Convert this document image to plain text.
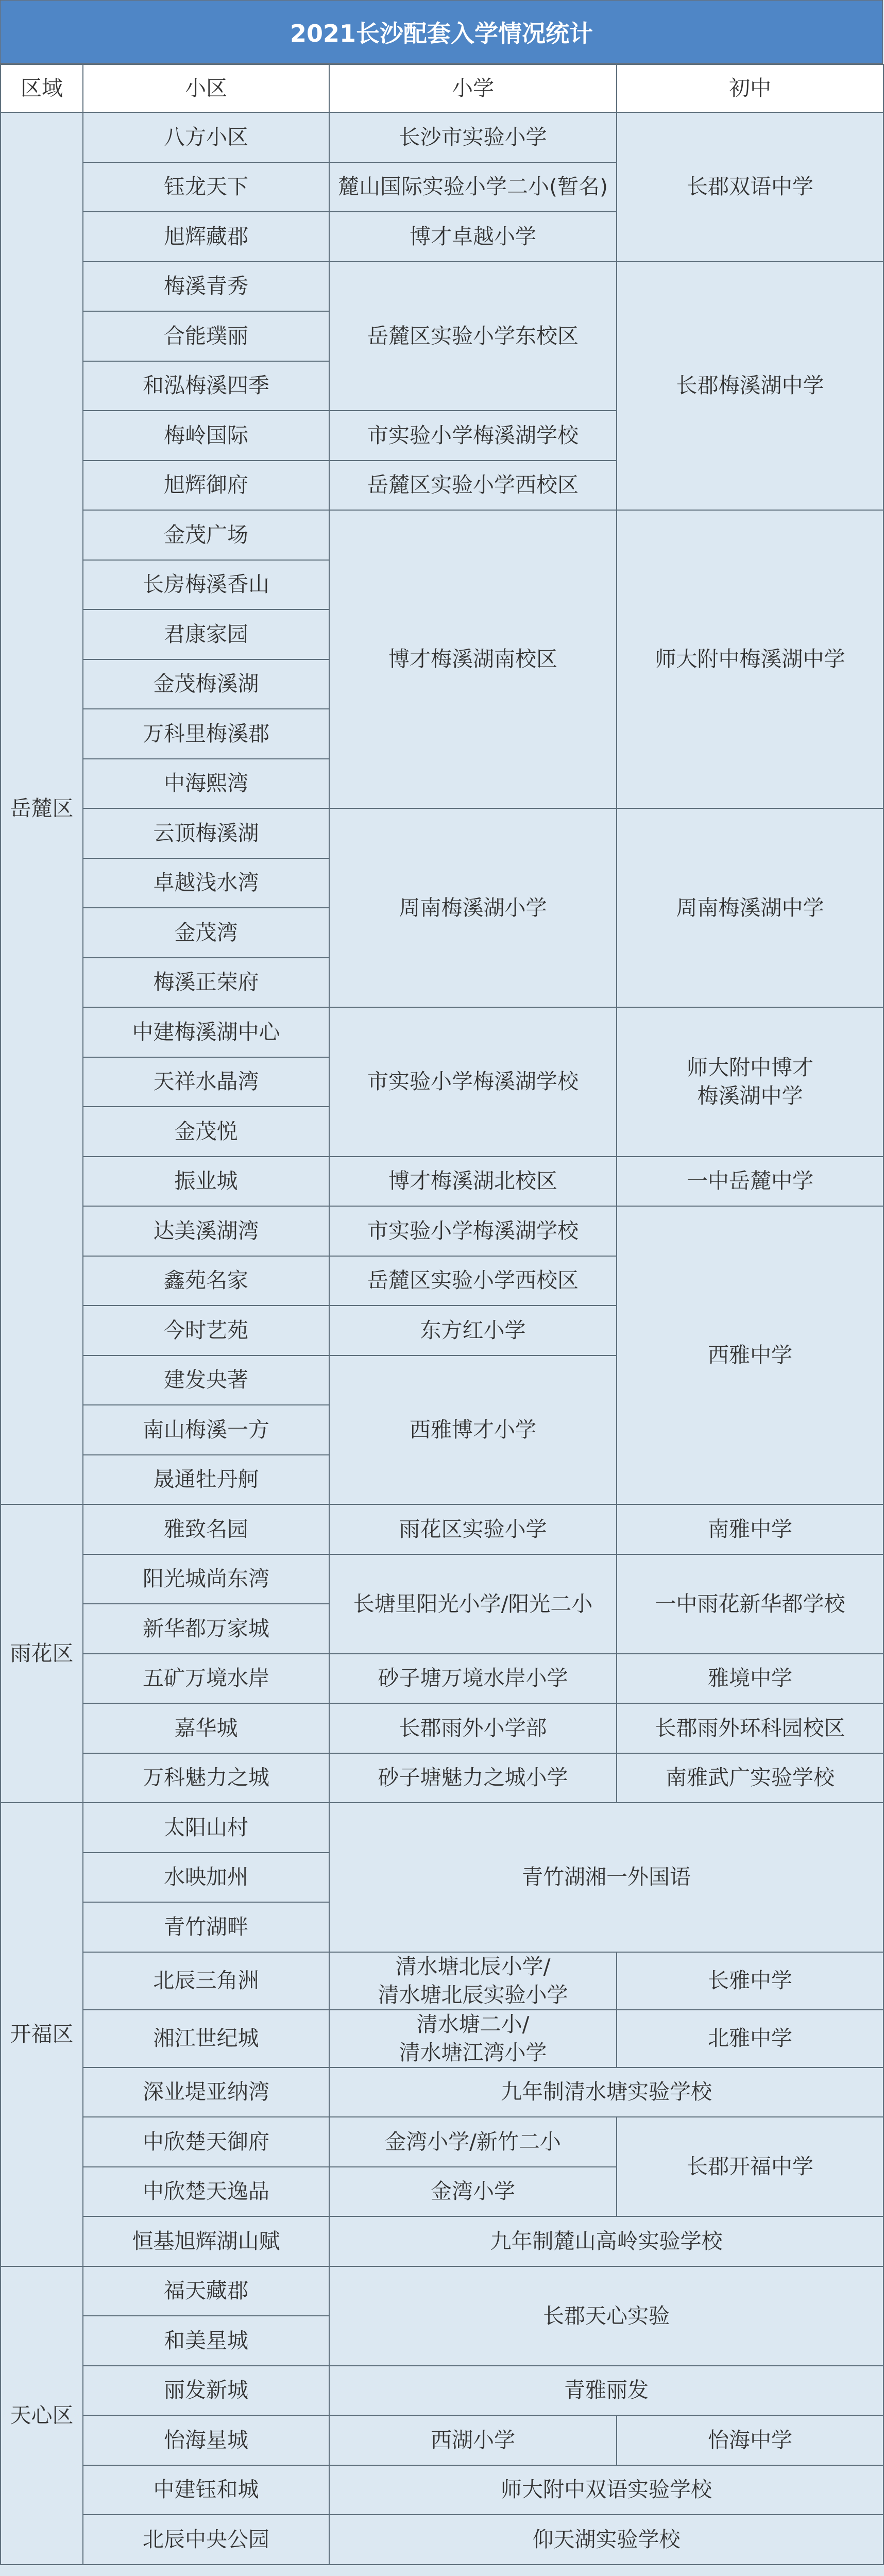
2021长沙配套入学情况统计
区域	小区	小学	初中
岳麓区	八方小区	长沙市实验小学	长郡双语中学
	钰龙天下	麓山国际实验小学二小(暂名)	
	旭辉藏郡	博才卓越小学	
	梅溪青秀	岳麓区实验小学东校区	长郡梅溪湖中学
	合能璞丽		
	和泓梅溪四季		
	梅岭国际	市实验小学梅溪湖学校	
	旭辉御府	岳麓区实验小学西校区	
	金茂广场	博才梅溪湖南校区	师大附中梅溪湖中学
	长房梅溪香山		
	君康家园		
	金茂梅溪湖		
	万科里梅溪郡		
	中海熙湾		
	云顶梅溪湖	周南梅溪湖小学	周南梅溪湖中学
	卓越浅水湾		
	金茂湾		
	梅溪正荣府		
	中建梅溪湖中心	市实验小学梅溪湖学校	师大附中博才
梅溪湖中学
	天祥水晶湾		
	金茂悦		
	振业城	博才梅溪湖北校区	一中岳麓中学
	达美溪湖湾	市实验小学梅溪湖学校	西雅中学
	鑫苑名家	岳麓区实验小学西校区	
	今时艺苑	东方红小学	
	建发央著	西雅博才小学	
	南山梅溪一方		
	晟通牡丹舸		
雨花区	雅致名园	雨花区实验小学	南雅中学
	阳光城尚东湾	长塘里阳光小学/阳光二小	一中雨花新华都学校
	新华都万家城		
	五矿万境水岸	砂子塘万境水岸小学	雅境中学
	嘉华城	长郡雨外小学部	长郡雨外环科园校区
	万科魅力之城	砂子塘魅力之城小学	南雅武广实验学校
开福区	太阳山村	青竹湖湘一外国语	
	水映加州		
	青竹湖畔		
	北辰三角洲	清水塘北辰小学/
清水塘北辰实验小学	长雅中学
	湘江世纪城	清水塘二小/
清水塘江湾小学	北雅中学
	深业堤亚纳湾	九年制清水塘实验学校	
	中欣楚天御府	金湾小学/新竹二小	长郡开福中学
	中欣楚天逸品	金湾小学	
	恒基旭辉湖山赋	九年制麓山高岭实验学校	
天心区	福天藏郡	长郡天心实验	
	和美星城		
	丽发新城	青雅丽发	
	怡海星城	西湖小学	怡海中学
	中建钰和城	师大附中双语实验学校	
	北辰中央公园	仰天湖实验学校	
